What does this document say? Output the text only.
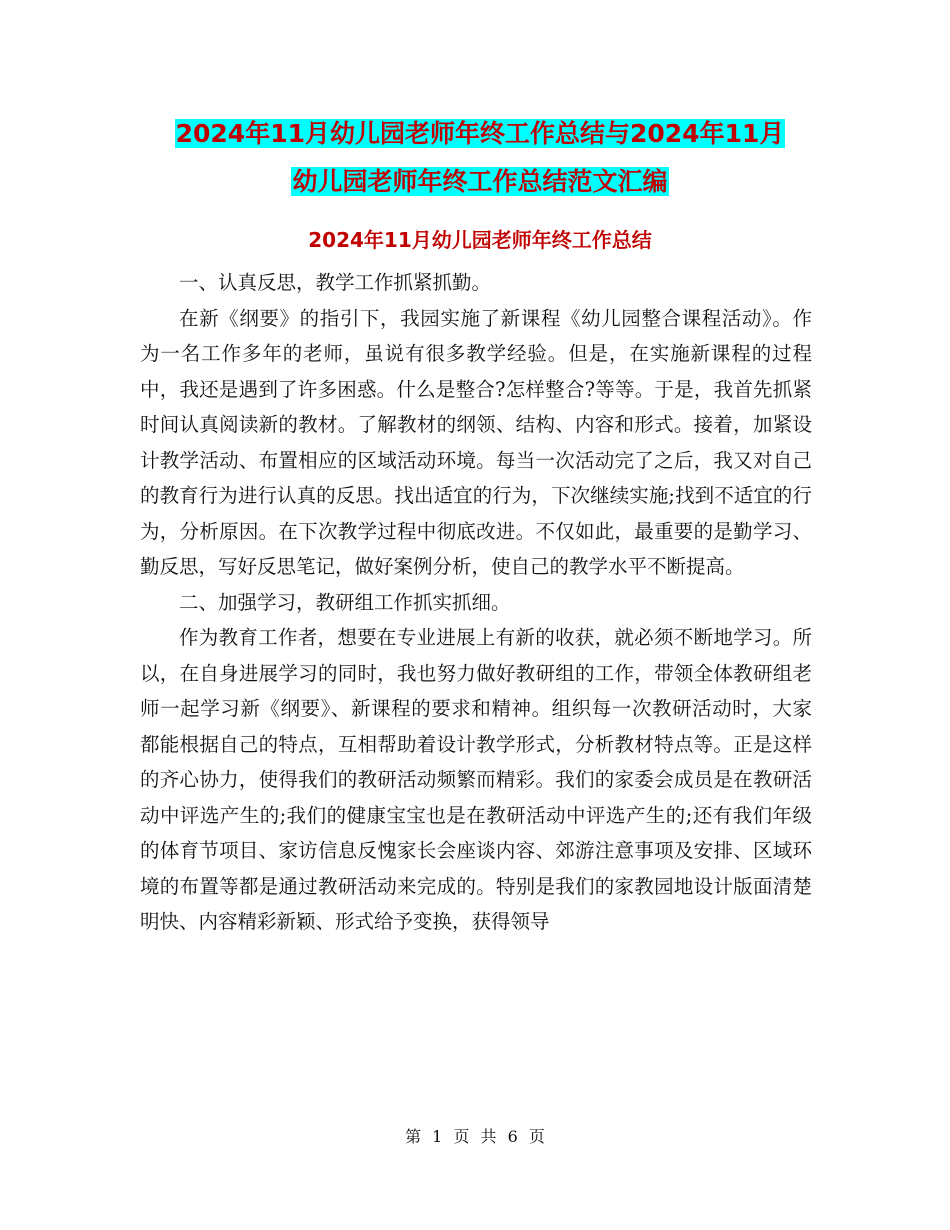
2024年11月幼儿园老师年终工作总结与2024年11月
幼儿园老师年终工作总结范文汇编
2024年11月幼儿园老师年终工作总结

一、认真反思，教学工作抓紧抓勤。

在新《纲要》的指引下，我园实施了新课程《幼儿园整合课程活动》。作为一名工作多年的老师，虽说有很多教学经验。但是，在实施新课程的过程中，我还是遇到了许多困惑。什么是整合?怎样整合?等等。于是，我首先抓紧时间认真阅读新的教材。了解教材的纲领、结构、内容和形式。接着，加紧设计教学活动、布置相应的区域活动环境。每当一次活动完了之后，我又对自己的教育行为进行认真的反思。找出适宜的行为，下次继续实施;找到不适宜的行为，分析原因。在下次教学过程中彻底改进。不仅如此，最重要的是勤学习、勤反思，写好反思笔记，做好案例分析，使自己的教学水平不断提高。

二、加强学习，教研组工作抓实抓细。

作为教育工作者，想要在专业进展上有新的收获，就必须不断地学习。所以，在自身进展学习的同时，我也努力做好教研组的工作，带领全体教研组老师一起学习新《纲要》、新课程的要求和精神。组织每一次教研活动时，大家都能根据自己的特点，互相帮助着设计教学形式，分析教材特点等。正是这样的齐心协力，使得我们的教研活动频繁而精彩。我们的家委会成员是在教研活动中评选产生的;我们的健康宝宝也是在教研活动中评选产生的;还有我们年级的体育节项目、家访信息反愧家长会座谈内容、郊游注意事项及安排、区域环境的布置等都是通过教研活动来完成的。特别是我们的家教园地设计版面清楚明快、内容精彩新颖、形式给予变换，获得领导

第 1 页 共 6 页
